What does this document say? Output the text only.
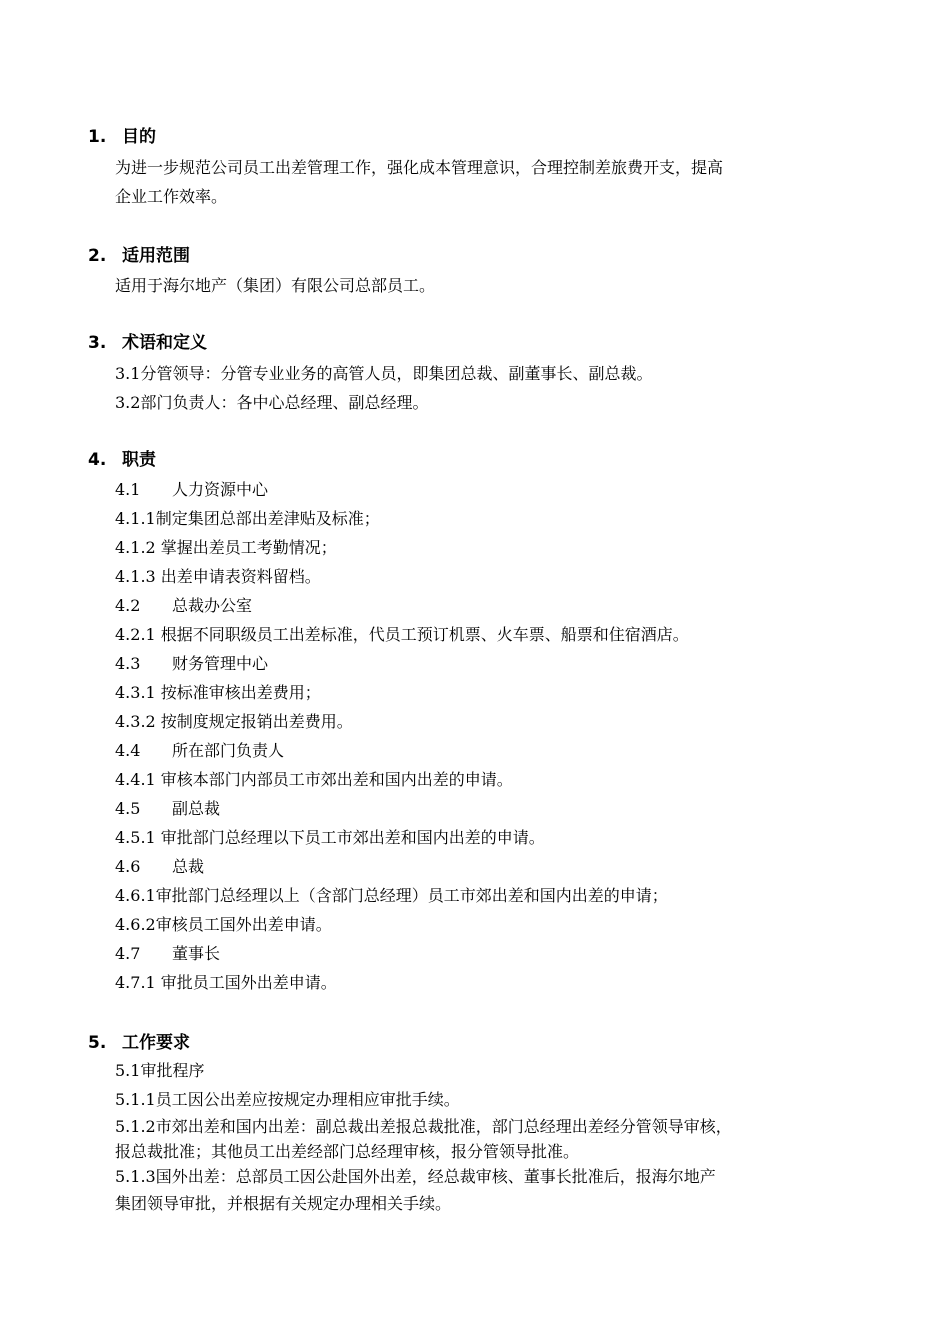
1. 目的
为进一步规范公司员工出差管理工作，强化成本管理意识，合理控制差旅费开支，提高
企业工作效率。
2. 适用范围
适用于海尔地产（集团）有限公司总部员工。
3. 术语和定义
3.1分管领导：分管专业业务的高管人员，即集团总裁、副董事长、副总裁。
3.2部门负责人：各中心总经理、副总经理。
4. 职责
4.1 人力资源中心
4.1.1制定集团总部出差津贴及标准；
4.1.2 掌握出差员工考勤情况；
4.1.3 出差申请表资料留档。
4.2 总裁办公室
4.2.1 根据不同职级员工出差标准，代员工预订机票、火车票、船票和住宿酒店。
4.3 财务管理中心
4.3.1 按标准审核出差费用；
4.3.2 按制度规定报销出差费用。
4.4 所在部门负责人
4.4.1 审核本部门内部员工市郊出差和国内出差的申请。
4.5 副总裁
4.5.1 审批部门总经理以下员工市郊出差和国内出差的申请。
4.6 总裁
4.6.1审批部门总经理以上（含部门总经理）员工市郊出差和国内出差的申请；
4.6.2审核员工国外出差申请。
4.7 董事长
4.7.1 审批员工国外出差申请。
5. 工作要求
5.1审批程序
5.1.1员工因公出差应按规定办理相应审批手续。
5.1.2市郊出差和国内出差：副总裁出差报总裁批准，部门总经理出差经分管领导审核，
报总裁批准；其他员工出差经部门总经理审核，报分管领导批准。
5.1.3国外出差：总部员工因公赴国外出差，经总裁审核、董事长批准后，报海尔地产
集团领导审批，并根据有关规定办理相关手续。
